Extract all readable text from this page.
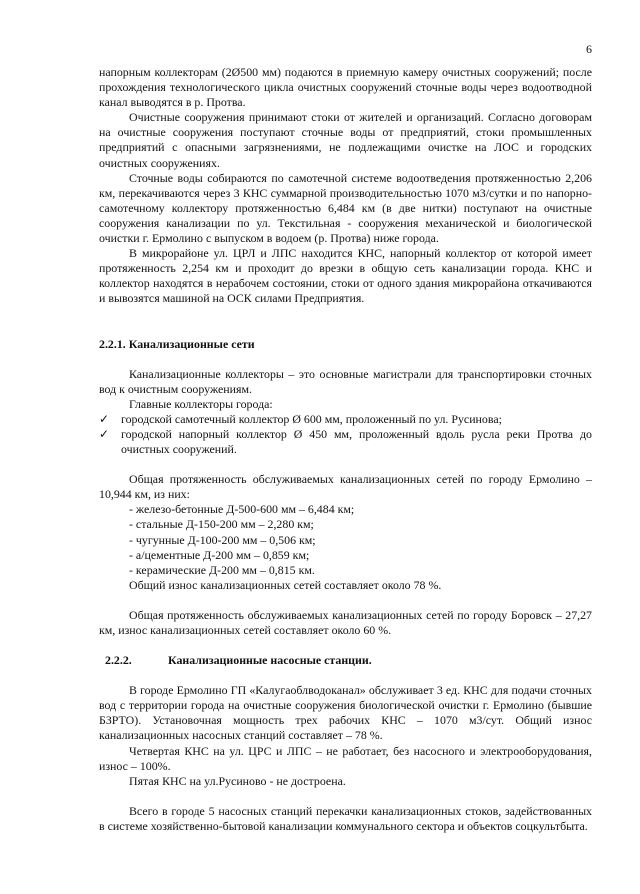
6

напорным коллекторам (2Ø500 мм) подаются в приемную камеру очистных сооружений; после прохождения технологического цикла очистных сооружений сточные воды через водоотводной канал выводятся в р. Протва.

Очистные сооружения принимают стоки от жителей и организаций. Согласно договорам на очистные сооружения поступают сточные воды от предприятий, стоки промышленных предприятий с опасными загрязнениями, не подлежащими очистке на ЛОС и городских очистных сооружениях.

Сточные воды собираются по самотечной системе водоотведения протяженностью 2,206 км, перекачиваются через 3 КНС суммарной производительностью 1070 м3/сутки и по напорно-самотечному коллектору протяженностью 6,484 км (в две нитки) поступают на очистные сооружения канализации по ул. Текстильная - сооружения механической и биологической очистки г. Ермолино с выпуском в водоем (р. Протва) ниже города.

В микрорайоне ул. ЦРЛ и ЛПС находится КНС, напорный коллектор от которой имеет протяженность 2,254 км и проходит до врезки в общую сеть канализации города. КНС и коллектор находятся в нерабочем состоянии, стоки от одного здания микрорайона откачиваются и вывозятся машиной на ОСК силами Предприятия.

2.2.1. Канализационные сети

Канализационные коллекторы – это основные магистрали для транспортировки сточных вод к очистным сооружениям.

Главные коллекторы города:

✓ городской самотечный коллектор Ø 600 мм, проложенный по ул. Русинова;
✓ городской напорный коллектор Ø 450 мм, проложенный вдоль русла реки Протва до очистных сооружений.

Общая протяженность обслуживаемых канализационных сетей по городу Ермолино – 10,944 км, из них:

- железо-бетонные Д-500-600 мм – 6,484 км;
- стальные Д-150-200 мм – 2,280 км;
- чугунные Д-100-200 мм – 0,506 км;
- а/цементные Д-200 мм – 0,859 км;
- керамические Д-200 мм – 0,815 км.

Общий износ канализационных сетей составляет около 78 %.

Общая протяженность обслуживаемых канализационных сетей по городу Боровск – 27,27 км, износ канализационных сетей составляет около 60 %.

2.2.2.	Канализационные насосные станции.

В городе Ермолино ГП «Калугаоблводоканал» обслуживает 3 ед. КНС для подачи сточных вод с территории города на очистные сооружения биологической очистки г. Ермолино (бывшие БЗРТО). Установочная мощность трех рабочих КНС – 1070 м3/сут. Общий износ канализационных насосных станций составляет – 78 %.

Четвертая КНС на ул. ЦРС и ЛПС – не работает, без насосного и электрооборудования, износ – 100%.

Пятая КНС на ул.Русиново - не достроена.

Всего в городе 5 насосных станций перекачки канализационных стоков, задействованных в системе хозяйственно-бытовой канализации коммунального сектора и объектов соцкультбыта.
